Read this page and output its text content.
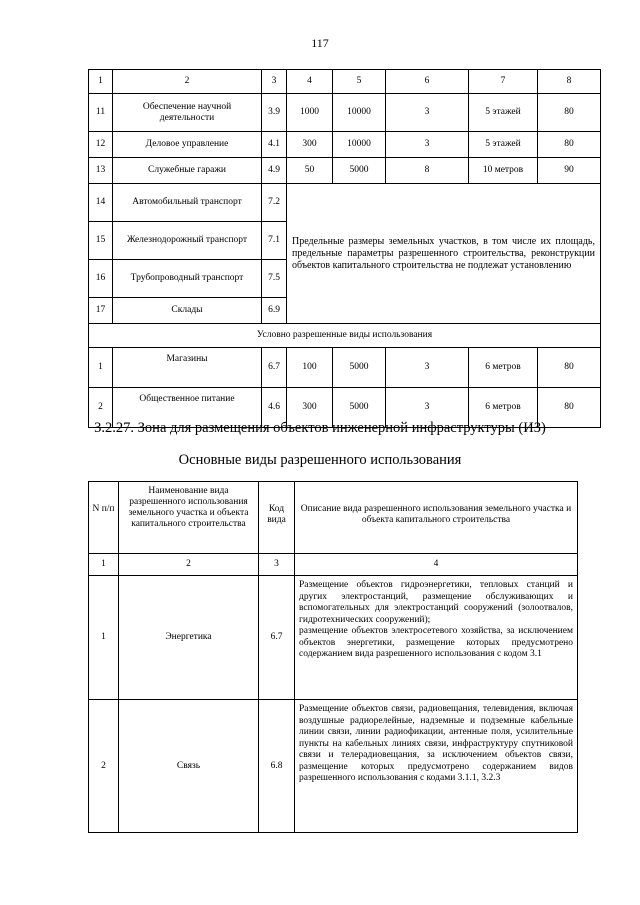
117
1	2	3	4	5	6	7	8
11	Обеспечение научной деятельности	3.9	1000	10000	3	5 этажей	80
12	Деловое управление	4.1	300	10000	3	5 этажей	80
13	Служебные гаражи	4.9	50	5000	8	10 метров	90
14	Автомобильный транспорт	7.2	Предельные размеры земельных участков, в том числе их площадь, предельные параметры разрешенного строительства, реконструкции объектов капитального строительства не подлежат установлению				
15	Железнодорожный транспорт	7.1					
16	Трубопроводный транспорт	7.5					
17	Склады	6.9					
Условно разрешенные виды использования							
1	Магазины	6.7	100	5000	3	6 метров	80
2	Общественное питание	4.6	300	5000	3	6 метров	80
3.2.27. Зона для размещения объектов инженерной инфраструктуры (ИЗ)
Основные виды разрешенного использования
N п/п	Наименование вида разрешенного использования земельного участка и объекта капитального строительства	Код вида	Описание вида разрешенного использования земельного участка и объекта капитального строительства
1	2	3	4
1	Энергетика	6.7	Размещение объектов гидроэнергетики, тепловых станций и других электростанций, размещение обслуживающих и вспомогательных для электростанций сооружений (золоотвалов, гидротехнических сооружений);
размещение объектов электросетевого хозяйства, за исключением объектов энергетики, размещение которых предусмотрено содержанием вида разрешенного использования с кодом 3.1
2	Связь	6.8	Размещение объектов связи, радиовещания, телевидения, включая воздушные радиорелейные, надземные и подземные кабельные линии связи, линии радиофикации, антенные поля, усилительные пункты на кабельных линиях связи, инфраструктуру спутниковой связи и телерадиовещания, за исключением объектов связи, размещение которых предусмотрено содержанием видов разрешенного использования с кодами 3.1.1, 3.2.3
